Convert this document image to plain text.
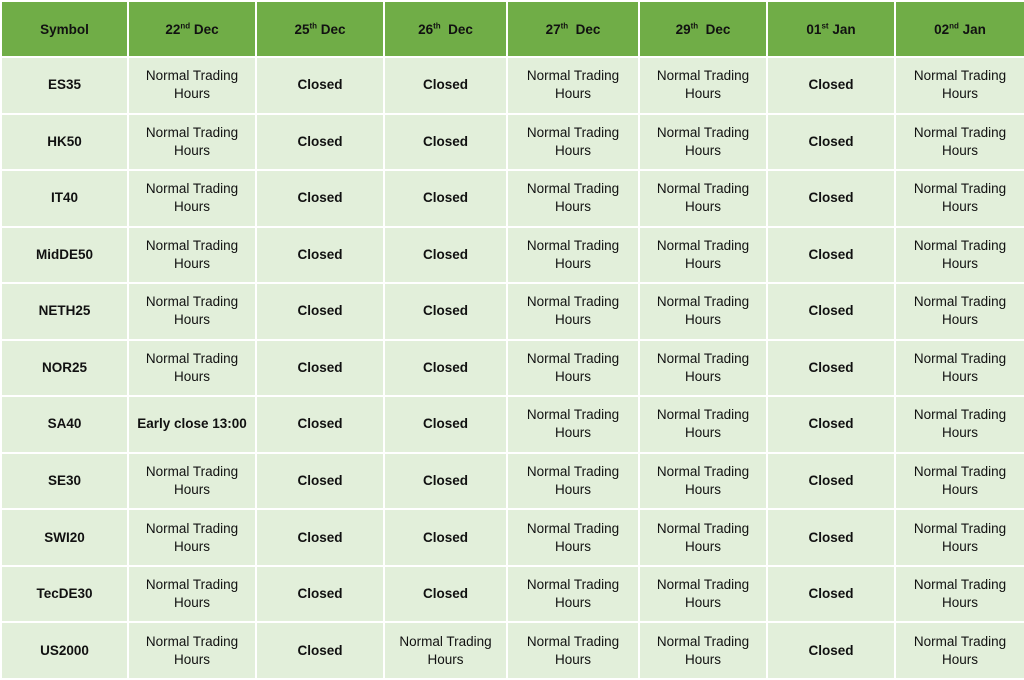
Symbol	22nd Dec	25th Dec	26th  Dec	27th  Dec	29th  Dec	01st Jan	02nd Jan
ES35	Normal Trading Hours	Closed	Closed	Normal Trading Hours	Normal Trading Hours	Closed	Normal Trading Hours
HK50	Normal Trading Hours	Closed	Closed	Normal Trading Hours	Normal Trading Hours	Closed	Normal Trading Hours
IT40	Normal Trading Hours	Closed	Closed	Normal Trading Hours	Normal Trading Hours	Closed	Normal Trading Hours
MidDE50	Normal Trading Hours	Closed	Closed	Normal Trading Hours	Normal Trading Hours	Closed	Normal Trading Hours
NETH25	Normal Trading Hours	Closed	Closed	Normal Trading Hours	Normal Trading Hours	Closed	Normal Trading Hours
NOR25	Normal Trading Hours	Closed	Closed	Normal Trading Hours	Normal Trading Hours	Closed	Normal Trading Hours
SA40	Early close 13:00	Closed	Closed	Normal Trading Hours	Normal Trading Hours	Closed	Normal Trading Hours
SE30	Normal Trading Hours	Closed	Closed	Normal Trading Hours	Normal Trading Hours	Closed	Normal Trading Hours
SWI20	Normal Trading Hours	Closed	Closed	Normal Trading Hours	Normal Trading Hours	Closed	Normal Trading Hours
TecDE30	Normal Trading Hours	Closed	Closed	Normal Trading Hours	Normal Trading Hours	Closed	Normal Trading Hours
US2000	Normal Trading Hours	Closed	Normal Trading Hours	Normal Trading Hours	Normal Trading Hours	Closed	Normal Trading Hours
